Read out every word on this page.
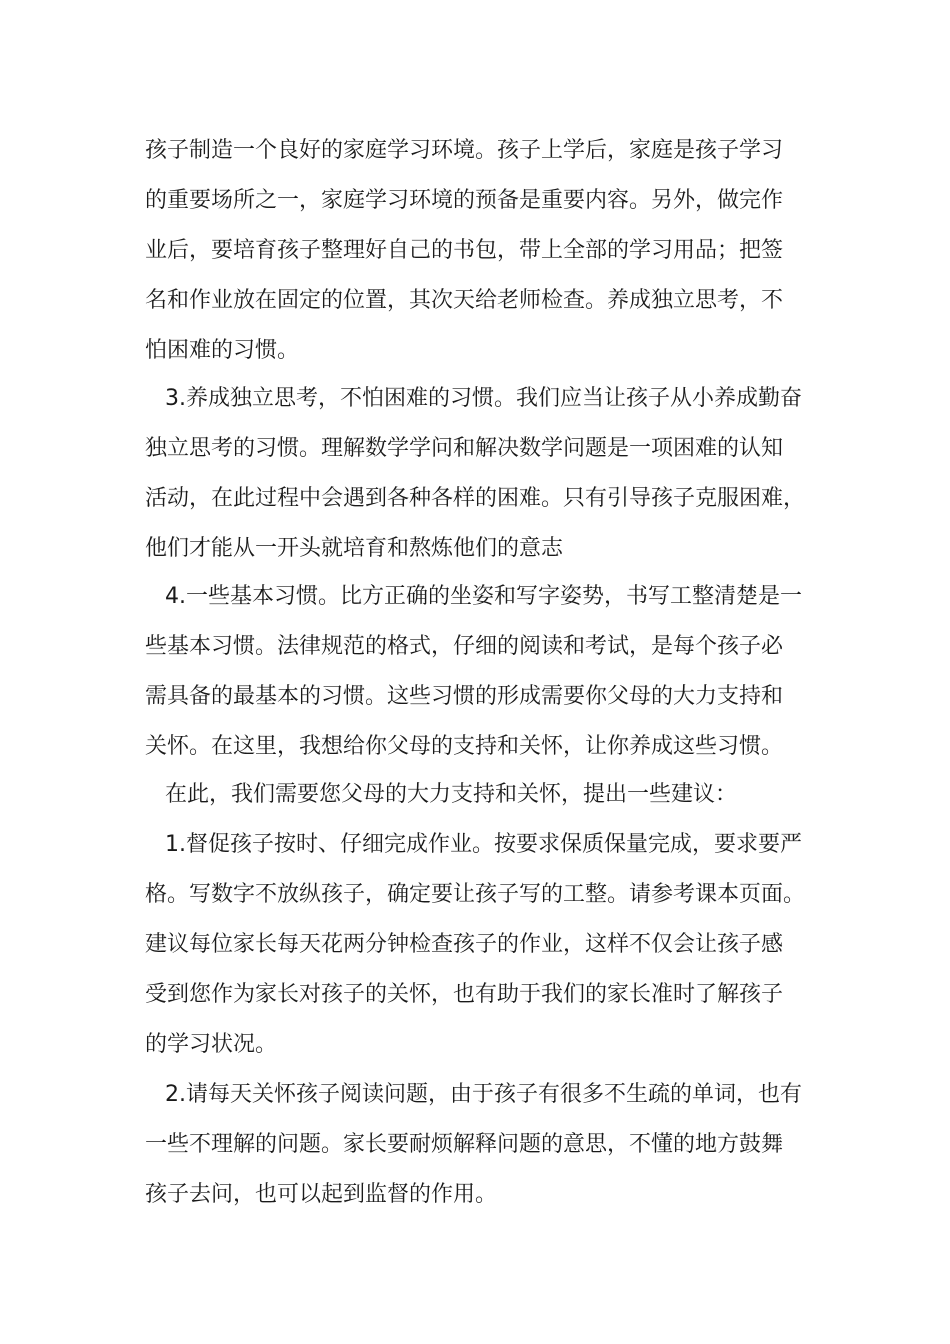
孩子制造一个良好的家庭学习环境。孩子上学后，家庭是孩子学习
的重要场所之一，家庭学习环境的预备是重要内容。另外，做完作
业后，要培育孩子整理好自己的书包，带上全部的学习用品；把签
名和作业放在固定的位置，其次天给老师检查。养成独立思考，不
怕困难的习惯。
3.养成独立思考，不怕困难的习惯。我们应当让孩子从小养成勤奋
独立思考的习惯。理解数学学问和解决数学问题是一项困难的认知
活动，在此过程中会遇到各种各样的困难。只有引导孩子克服困难，
他们才能从一开头就培育和熬炼他们的意志
4.一些基本习惯。比方正确的坐姿和写字姿势，书写工整清楚是一
些基本习惯。法律规范的格式，仔细的阅读和考试，是每个孩子必
需具备的最基本的习惯。这些习惯的形成需要你父母的大力支持和
关怀。在这里，我想给你父母的支持和关怀，让你养成这些习惯。
在此，我们需要您父母的大力支持和关怀，提出一些建议：
1.督促孩子按时、仔细完成作业。按要求保质保量完成，要求要严
格。写数字不放纵孩子，确定要让孩子写的工整。请参考课本页面。
建议每位家长每天花两分钟检查孩子的作业，这样不仅会让孩子感
受到您作为家长对孩子的关怀，也有助于我们的家长准时了解孩子
的学习状况。
2.请每天关怀孩子阅读问题，由于孩子有很多不生疏的单词，也有
一些不理解的问题。家长要耐烦解释问题的意思，不懂的地方鼓舞
孩子去问，也可以起到监督的作用。
